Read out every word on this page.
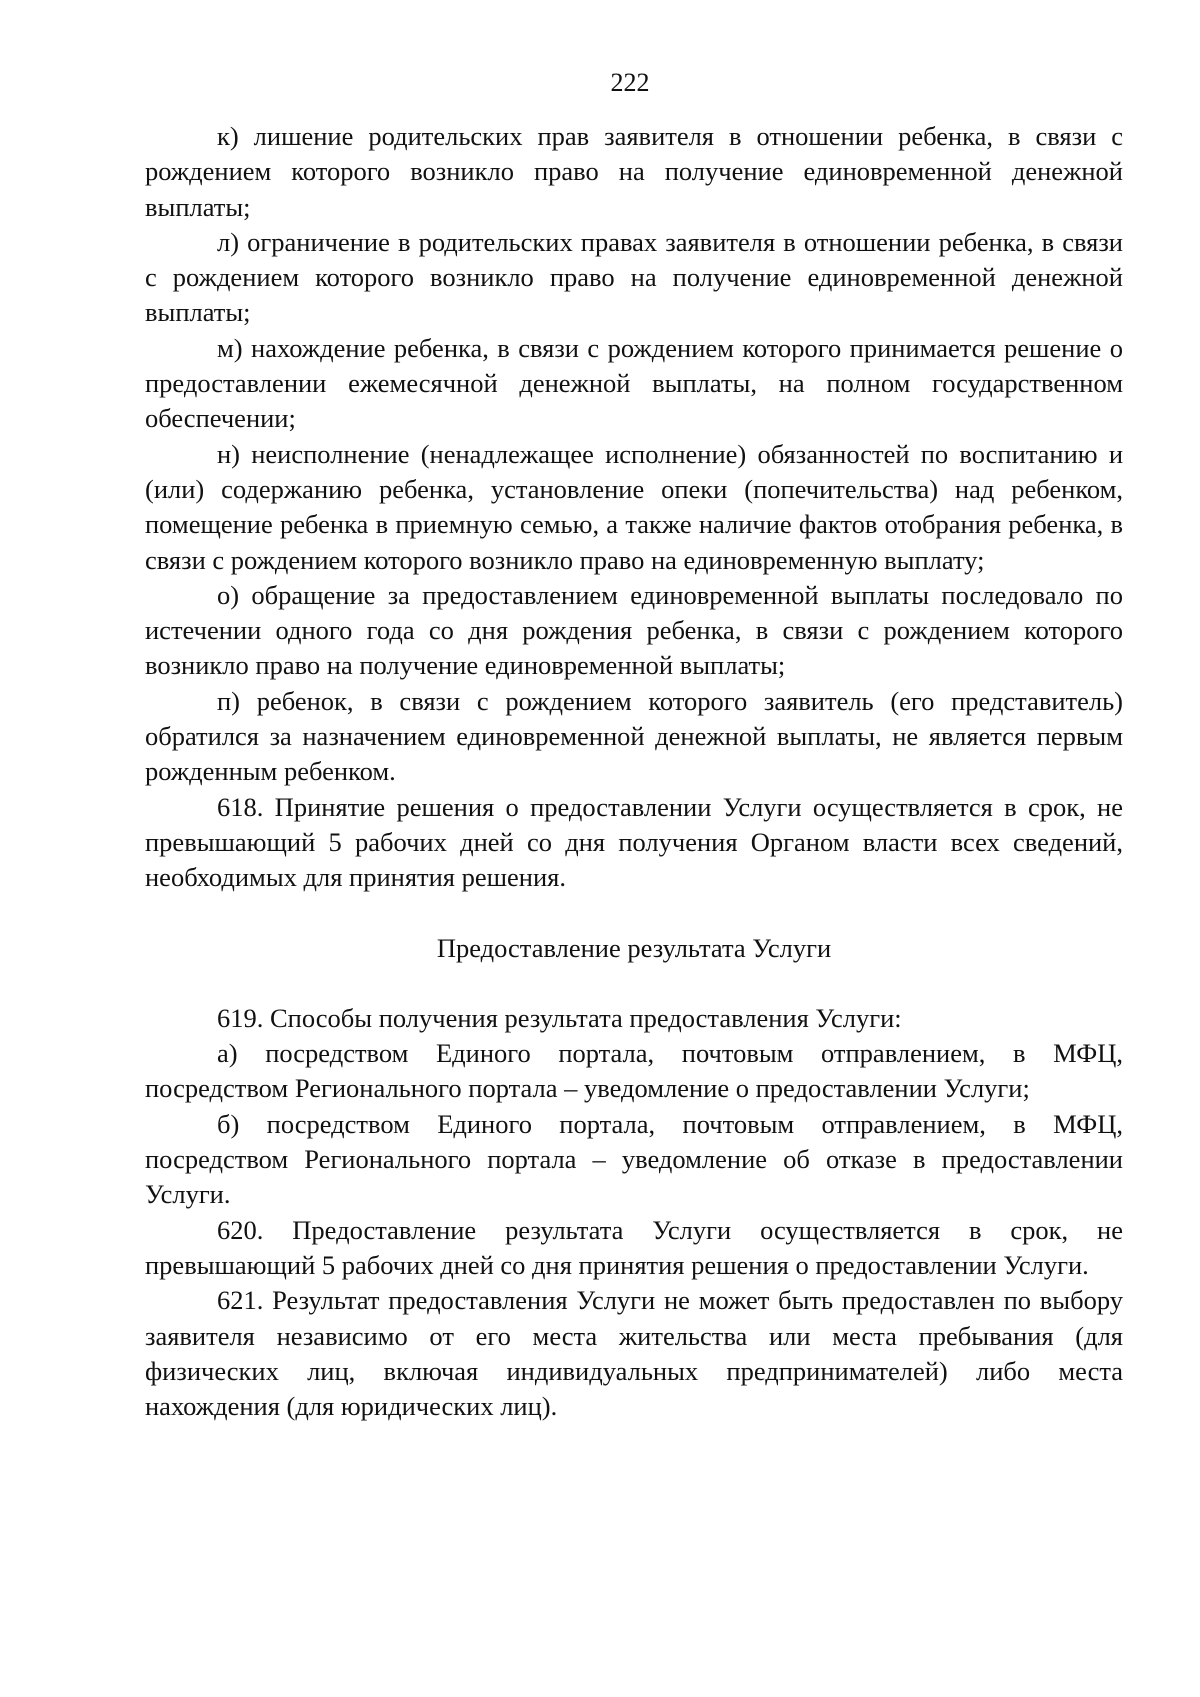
222

к) лишение родительских прав заявителя в отношении ребенка, в связи с рождением которого возникло право на получение единовременной денежной выплаты;

л) ограничение в родительских правах заявителя в отношении ребенка, в связи с рождением которого возникло право на получение единовременной денежной выплаты;

м) нахождение ребенка, в связи с рождением которого принимается решение о предоставлении ежемесячной денежной выплаты, на полном государственном обеспечении;

н) неисполнение (ненадлежащее исполнение) обязанностей по воспитанию и (или) содержанию ребенка, установление опеки (попечительства) над ребенком, помещение ребенка в приемную семью, а также наличие фактов отобрания ребенка, в связи с рождением которого возникло право на единовременную выплату;

о) обращение за предоставлением единовременной выплаты последовало по истечении одного года со дня рождения ребенка, в связи с рождением которого возникло право на получение единовременной выплаты;

п) ребенок, в связи с рождением которого заявитель (его представитель) обратился за назначением единовременной денежной выплаты, не является первым рожденным ребенком.

618. Принятие решения о предоставлении Услуги осуществляется в срок, не превышающий 5 рабочих дней со дня получения Органом власти всех сведений, необходимых для принятия решения.

Предоставление результата Услуги

619. Способы получения результата предоставления Услуги:

а) посредством Единого портала, почтовым отправлением, в МФЦ, посредством Регионального портала – уведомление о предоставлении Услуги;

б) посредством Единого портала, почтовым отправлением, в МФЦ, посредством Регионального портала – уведомление об отказе в предоставлении Услуги.

620. Предоставление результата Услуги осуществляется в срок, не превышающий 5 рабочих дней со дня принятия решения о предоставлении Услуги.

621. Результат предоставления Услуги не может быть предоставлен по выбору заявителя независимо от его места жительства или места пребывания (для физических лиц, включая индивидуальных предпринимателей) либо места нахождения (для юридических лиц).
